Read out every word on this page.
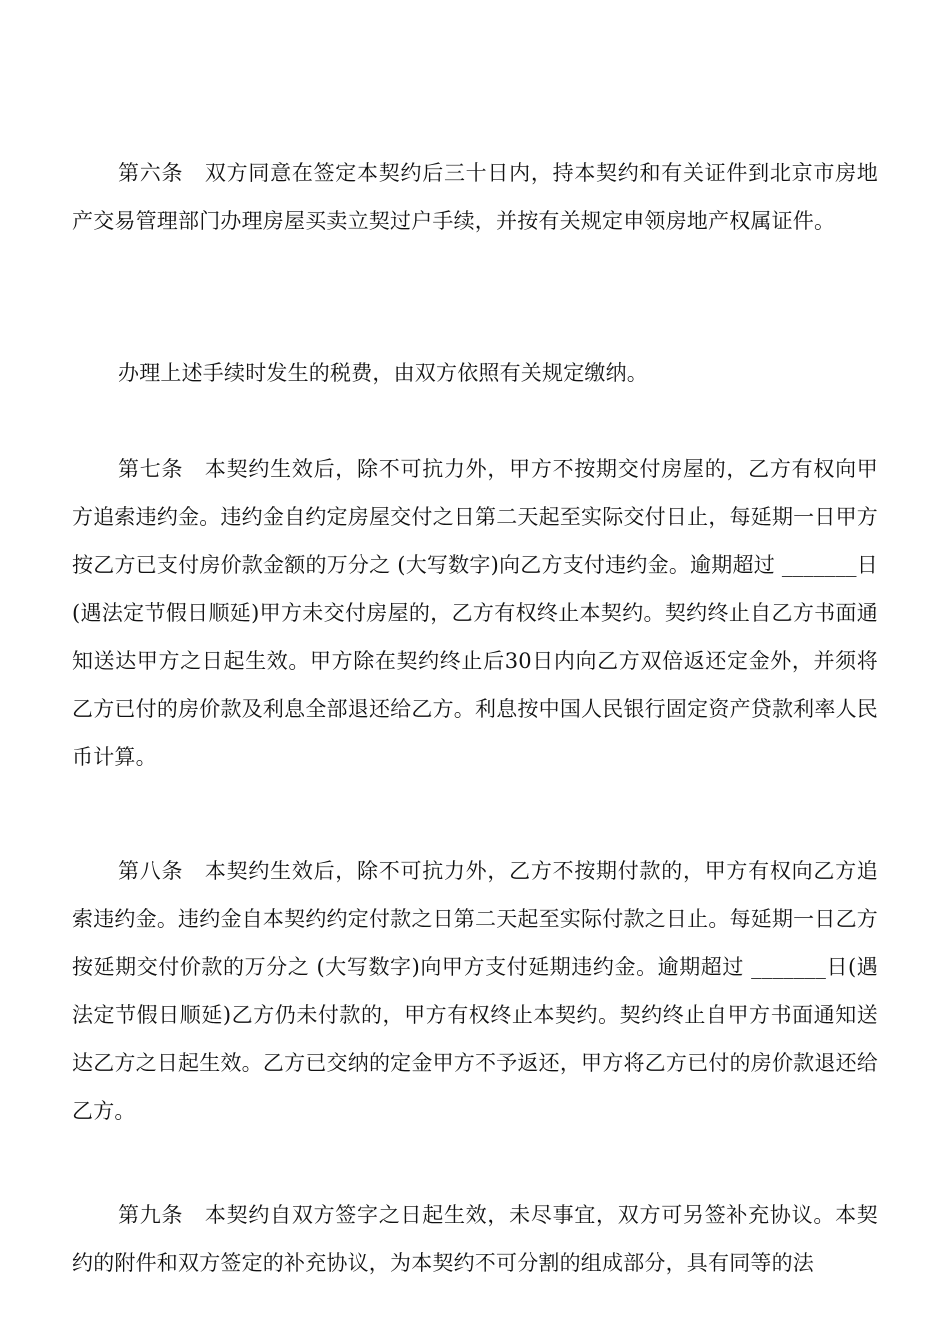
第六条　双方同意在签定本契约后三十日内，持本契约和有关证件到北京市房地产交易管理部门办理房屋买卖立契过户手续，并按有关规定申领房地产权属证件。

办理上述手续时发生的税费，由双方依照有关规定缴纳。

第七条　本契约生效后，除不可抗力外，甲方不按期交付房屋的，乙方有权向甲方追索违约金。违约金自约定房屋交付之日第二天起至实际交付日止，每延期一日甲方按乙方已支付房价款金额的万分之 (大写数字)向乙方支付违约金。逾期超过 _______日(遇法定节假日顺延)甲方未交付房屋的，乙方有权终止本契约。契约终止自乙方书面通知送达甲方之日起生效。甲方除在契约终止后30日内向乙方双倍返还定金外，并须将乙方已付的房价款及利息全部退还给乙方。利息按中国人民银行固定资产贷款利率人民币计算。

第八条　本契约生效后，除不可抗力外，乙方不按期付款的，甲方有权向乙方追索违约金。违约金自本契约约定付款之日第二天起至实际付款之日止。每延期一日乙方按延期交付价款的万分之 (大写数字)向甲方支付延期违约金。逾期超过 _______日(遇法定节假日顺延)乙方仍未付款的，甲方有权终止本契约。契约终止自甲方书面通知送达乙方之日起生效。乙方已交纳的定金甲方不予返还，甲方将乙方已付的房价款退还给乙方。

第九条　本契约自双方签字之日起生效，未尽事宜，双方可另签补充协议。本契约的附件和双方签定的补充协议，为本契约不可分割的组成部分，具有同等的法
